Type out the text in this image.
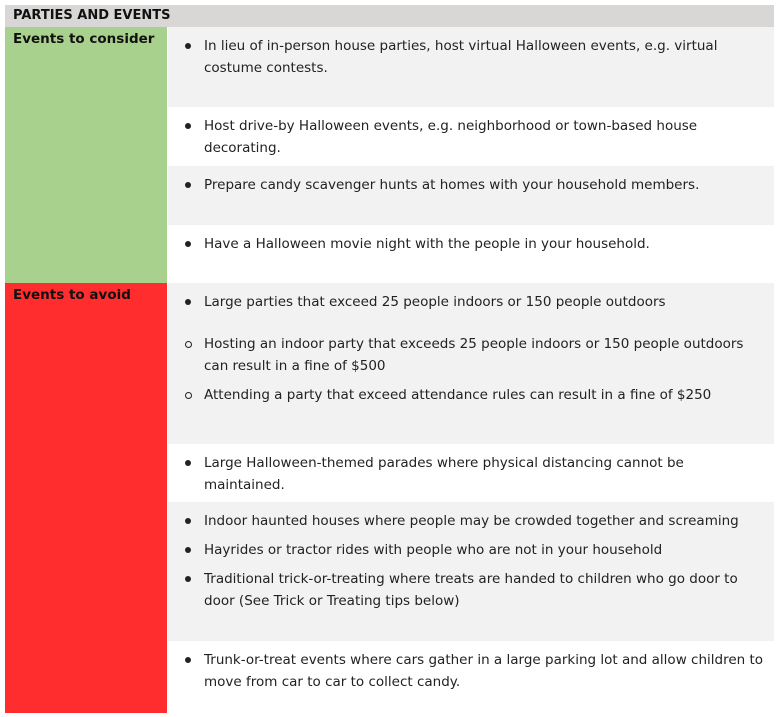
PARTIES AND EVENTS
Events to consider	In lieu of in-person house parties, host virtual Halloween events, e.g. virtual costume contests.
Host drive-by Halloween events, e.g. neighborhood or town-based house decorating.
Prepare candy scavenger hunts at homes with your household members.
Have a Halloween movie night with the people in your household.
Events to avoid	Large parties that exceed 25 people indoors or 150 people outdoors
Hosting an indoor party that exceeds 25 people indoors or 150 people outdoors can result in a fine of $500
Attending a party that exceed attendance rules can result in a fine of $250
Large Halloween-themed parades where physical distancing cannot be maintained.
Indoor haunted houses where people may be crowded together and screaming
Hayrides or tractor rides with people who are not in your household
Traditional trick-or-treating where treats are handed to children who go door to door (See Trick or Treating tips below)
Trunk-or-treat events where cars gather in a large parking lot and allow children to move from car to car to collect candy.
